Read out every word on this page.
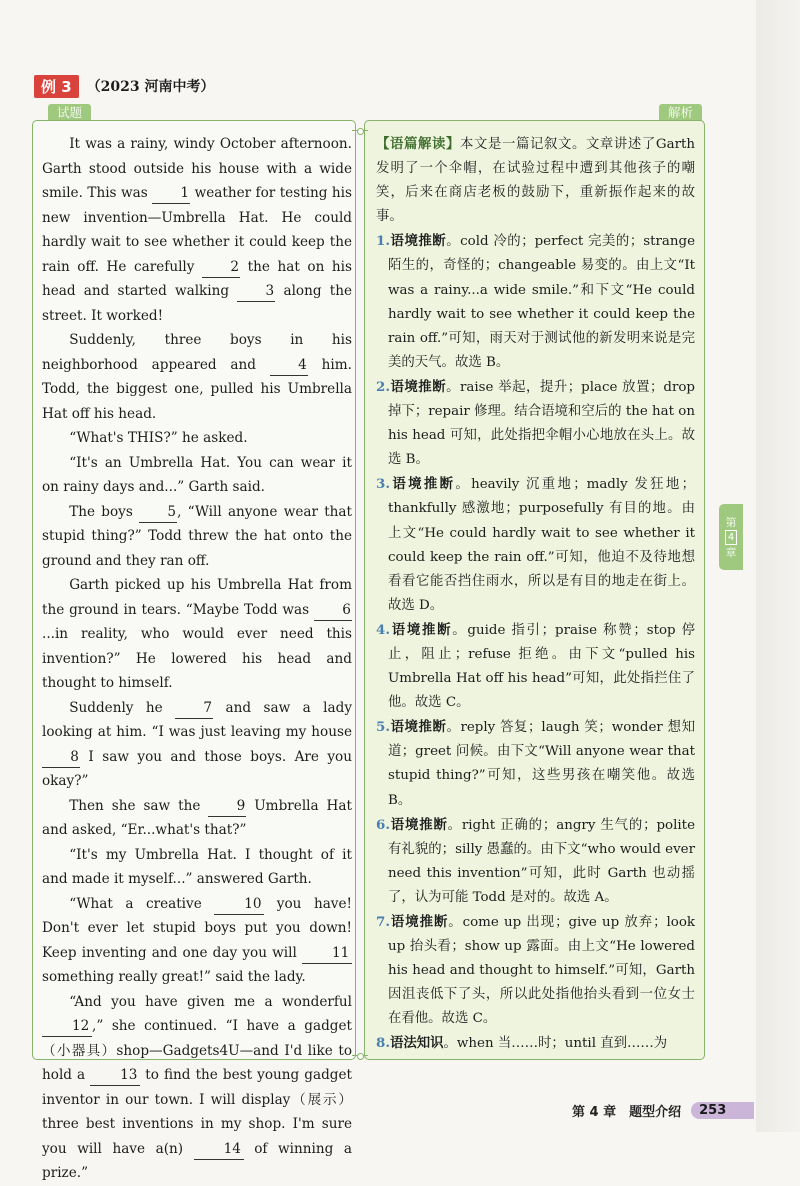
例 3	（2023 河南中考）
试题	解析

It was a rainy, windy October afternoon. Garth stood outside his house with a wide smile. This was 1 weather for testing his new invention—Umbrella Hat. He could hardly wait to see whether it could keep the rain off. He carefully 2 the hat on his head and started walking 3 along the street. It worked!

Suddenly, three boys in his neighborhood appeared and 4 him. Todd, the biggest one, pulled his Umbrella Hat off his head.

“What's THIS?” he asked.

“It's an Umbrella Hat. You can wear it on rainy days and...” Garth said.

The boys 5, “Will anyone wear that stupid thing?” Todd threw the hat onto the ground and they ran off.

Garth picked up his Umbrella Hat from the ground in tears. “Maybe Todd was 6 ...in reality, who would ever need this invention?” He lowered his head and thought to himself.

Suddenly he 7 and saw a lady looking at him. “I was just leaving my house 8 I saw you and those boys. Are you okay?”

Then she saw the 9 Umbrella Hat and asked, “Er...what's that?”

“It's my Umbrella Hat. I thought of it and made it myself...” answered Garth.

“What a creative 10 you have! Don't ever let stupid boys put you down! Keep inventing and one day you will 11 something really great!” said the lady.

“And you have given me a wonderful 12 ,” she continued. “I have a gadget（小器具）shop—Gadgets4U—and I'd like to hold a 13 to find the best young gadget inventor in our town. I will display（展示）three best inventions in my shop. I'm sure you will have a(n) 14 of winning a prize.”

【语篇解读】本文是一篇记叙文。文章讲述了Garth发明了一个伞帽，在试验过程中遭到其他孩子的嘲笑，后来在商店老板的鼓励下，重新振作起来的故事。

1.语境推断。cold 冷的；perfect 完美的；strange 陌生的，奇怪的；changeable 易变的。由上文“It was a rainy...a wide smile.”和下文“He could hardly wait to see whether it could keep the rain off.”可知，雨天对于测试他的新发明来说是完美的天气。故选 B。

2.语境推断。raise 举起，提升；place 放置；drop 掉下；repair 修理。结合语境和空后的 the hat on his head 可知，此处指把伞帽小心地放在头上。故选 B。

3.语境推断。heavily 沉重地；madly 发狂地；thankfully 感激地；purposefully 有目的地。由上文“He could hardly wait to see whether it could keep the rain off.”可知，他迫不及待地想看看它能否挡住雨水，所以是有目的地走在街上。故选 D。

4.语境推断。guide 指引；praise 称赞；stop 停止，阻止；refuse 拒绝。由下文“pulled his Umbrella Hat off his head”可知，此处指拦住了他。故选 C。

5.语境推断。reply 答复；laugh 笑；wonder 想知道；greet 问候。由下文“Will anyone wear that stupid thing?”可知，这些男孩在嘲笑他。故选 B。

6.语境推断。right 正确的；angry 生气的；polite 有礼貌的；silly 愚蠢的。由下文“who would ever need this invention”可知，此时 Garth 也动摇了，认为可能 Todd 是对的。故选 A。

7.语境推断。come up 出现；give up 放弃；look up 抬头看；show up 露面。由上文“He lowered his head and thought to himself.”可知，Garth 因沮丧低下了头，所以此处指他抬头看到一位女士在看他。故选 C。

8.语法知识。when 当……时；until 直到……为

第
4
章
第 4 章　题型介绍	253
